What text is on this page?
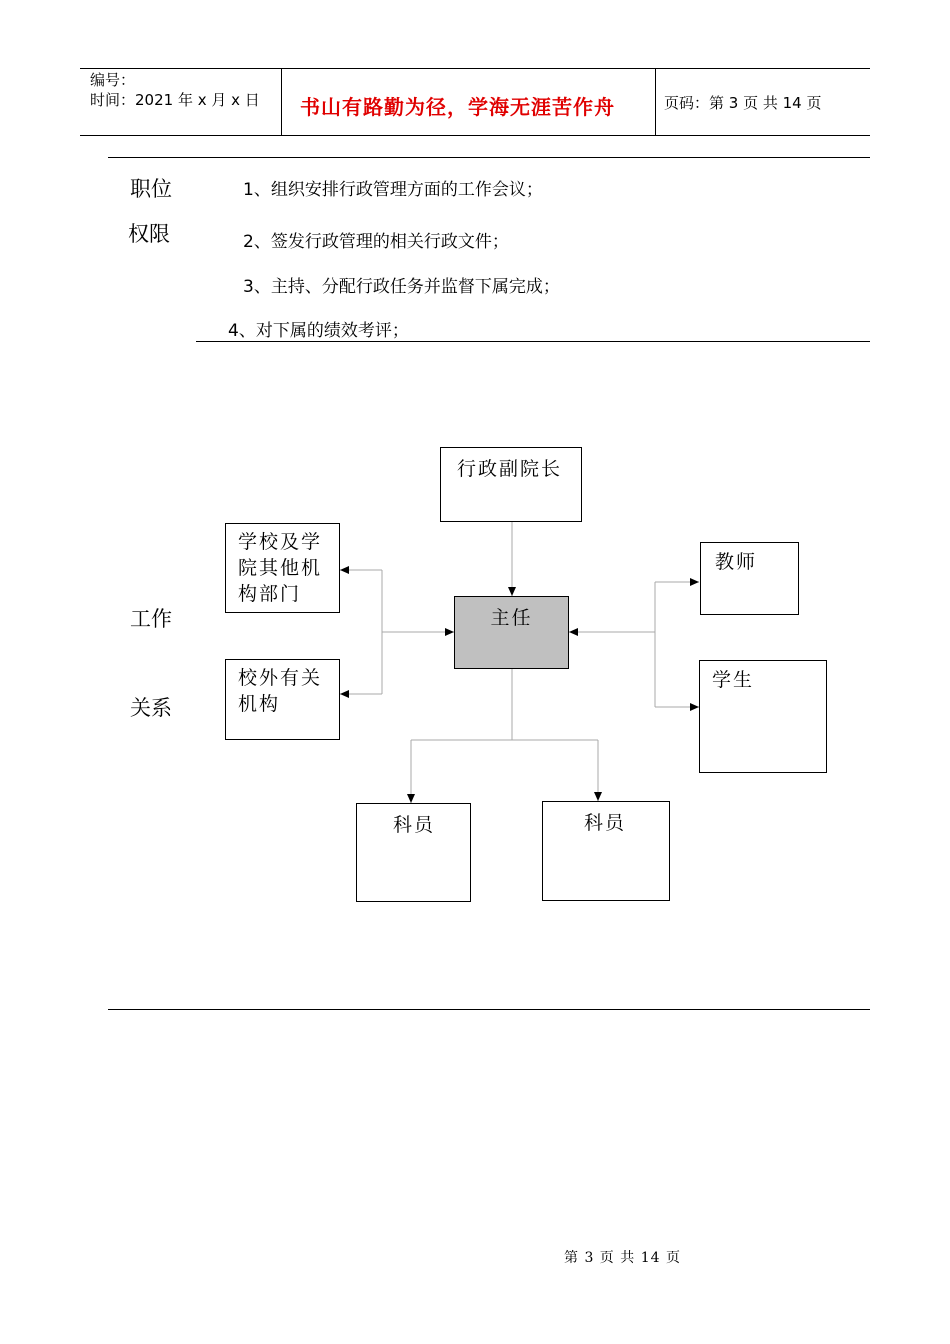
编号：
时间：2021 年 x 月 x 日 书山有路勤为径，学海无涯苦作舟	页码：第 3 页 共 14 页
职位
权限
1、组织安排行政管理方面的工作会议；
2、签发行政管理的相关行政文件；
3、主持、分配行政任务并监督下属完成；
4、对下属的绩效考评；
工作
关系
行政副院长
主任
学校及学院其他机构部门
校外有关机构
教师
学生
科员	科员
第 3 页 共 14 页
